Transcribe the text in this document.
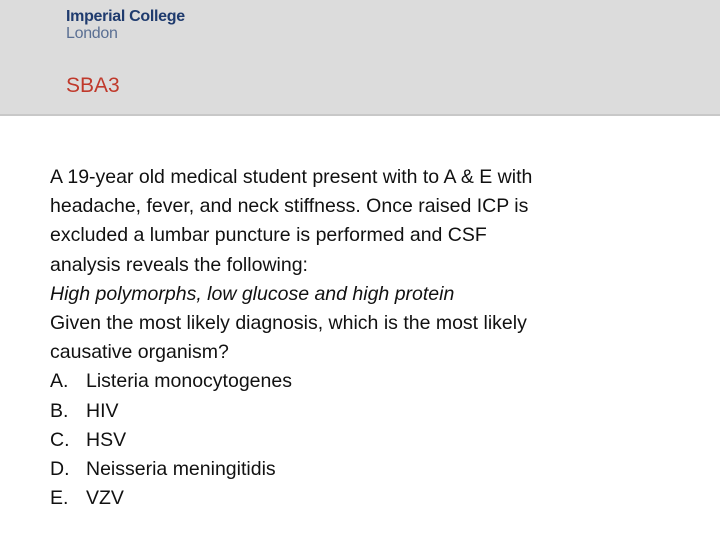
Imperial College
London
SBA3
A 19-year old medical student present with to A & E with
headache, fever, and neck stiffness. Once raised ICP is
excluded a lumbar puncture is performed and CSF
analysis reveals the following:
High polymorphs, low glucose and high protein
Given the most likely diagnosis, which is the most likely
causative organism?
A. Listeria monocytogenes
B. HIV
C. HSV
D. Neisseria meningitidis
E. VZV
